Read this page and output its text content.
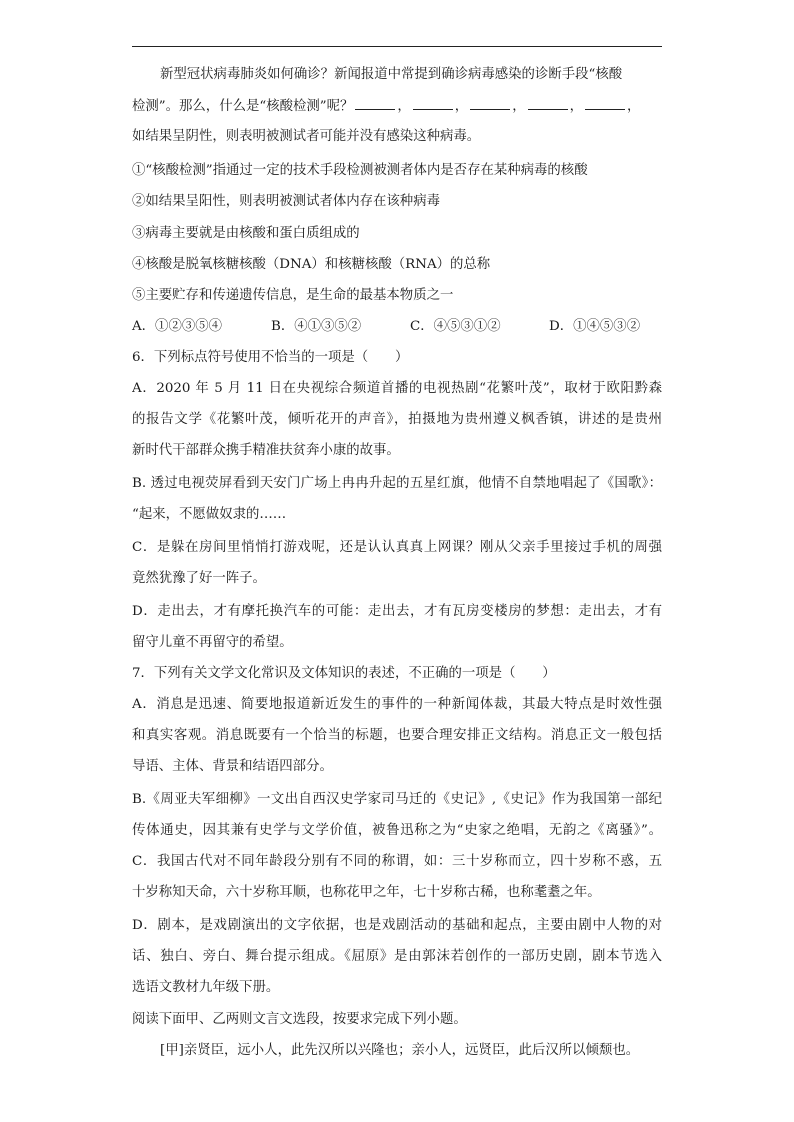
新型冠状病毒肺炎如何确诊？新闻报道中常提到确诊病毒感染的诊断手段“核酸
检测”。那么，什么是“核酸检测”呢？	，	，	，	，	，
如结果呈阴性，则表明被测试者可能并没有感染这种病毒。
①“核酸检测”指通过一定的技术手段检测被测者体内是否存在某种病毒的核酸
②如结果呈阳性，则表明被测试者体内存在该种病毒
③病毒主要就是由核酸和蛋白质组成的
④核酸是脱氧核糖核酸（DNA）和核糖核酸（RNA）的总称
⑤主要贮存和传递遗传信息，是生命的最基本物质之一
A．①②③⑤④	B．④①③⑤②	C．④⑤③①②	D．①④⑤③②
6．下列标点符号使用不恰当的一项是（　　）
A．2020 年 5 月 11 日在央视综合频道首播的电视热剧“花繁叶茂”，取材于欧阳黔森
的报告文学《花繁叶茂，倾听花开的声音》，拍摄地为贵州遵义枫香镇，讲述的是贵州
新时代干部群众携手精准扶贫奔小康的故事。
B. 透过电视荧屏看到天安门广场上冉冉升起的五星红旗，他情不自禁地唱起了《国歌》：
“起来，不愿做奴隶的……
C．是躲在房间里悄悄打游戏呢，还是认认真真上网课？刚从父亲手里接过手机的周强
竟然犹豫了好一阵子。
D．走出去，才有摩托换汽车的可能：走出去，才有瓦房变楼房的梦想：走出去，才有
留守儿童不再留守的希望。
7．下列有关文学文化常识及文体知识的表述，不正确的一项是（　　）
A．消息是迅速、简要地报道新近发生的事件的一种新闻体裁，其最大特点是时效性强
和真实客观。消息既要有一个恰当的标题，也要合理安排正文结构。消息正文一般包括
导语、主体、背景和结语四部分。
B.《周亚夫军细柳》一文出自西汉史学家司马迁的《史记》,《史记》作为我国第一部纪
传体通史，因其兼有史学与文学价值，被鲁迅称之为“史家之绝唱，无韵之《离骚》”。
C．我国古代对不同年龄段分别有不同的称谓，如：三十岁称而立，四十岁称不惑，五
十岁称知天命，六十岁称耳顺，也称花甲之年，七十岁称古稀，也称耄耋之年。
D．剧本，是戏剧演出的文字依据，也是戏剧活动的基础和起点，主要由剧中人物的对
话、独白、旁白、舞台提示组成。《屈原》是由郭沫若创作的一部历史剧，剧本节选入
选语文教材九年级下册。
阅读下面甲、乙两则文言文选段，按要求完成下列小题。
[甲]亲贤臣，远小人，此先汉所以兴隆也；亲小人，远贤臣，此后汉所以倾颓也。
